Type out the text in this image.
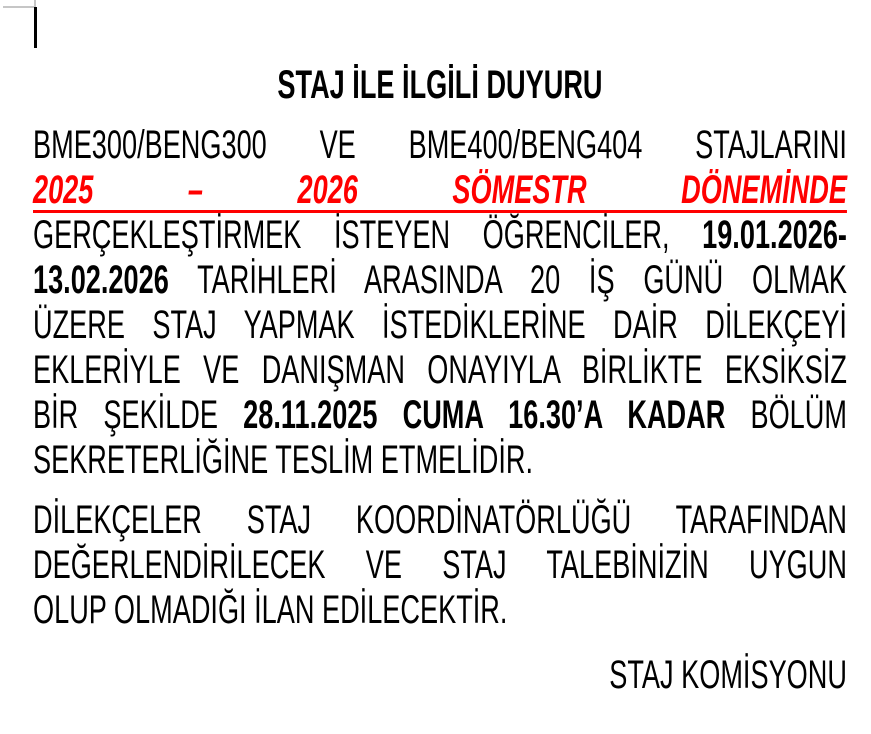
STAJ İLE İLGİLİ DUYURU
BME300/BENG300 VE BME400/BENG404 STAJLARINI
2025 – 2026 SÖMESTR DÖNEMİNDE
GERÇEKLEŞTİRMEK İSTEYEN ÖĞRENCİLER, 19.01.2026-
13.02.2026 TARİHLERİ ARASINDA 20 İŞ GÜNÜ OLMAK
ÜZERE STAJ YAPMAK İSTEDİKLERİNE DAİR DİLEKÇEYİ
EKLERİYLE VE DANIŞMAN ONAYIYLA BİRLİKTE EKSİKSİZ
BİR ŞEKİLDE 28.11.2025 CUMA 16.30’A KADAR BÖLÜM
SEKRETERLİĞİNE TESLİM ETMELİDİR.
DİLEKÇELER STAJ KOORDİNATÖRLÜĞÜ TARAFINDAN
DEĞERLENDİRİLECEK VE STAJ TALEBİNİZİN UYGUN
OLUP OLMADIĞI İLAN EDİLECEKTİR.
STAJ KOMİSYONU
